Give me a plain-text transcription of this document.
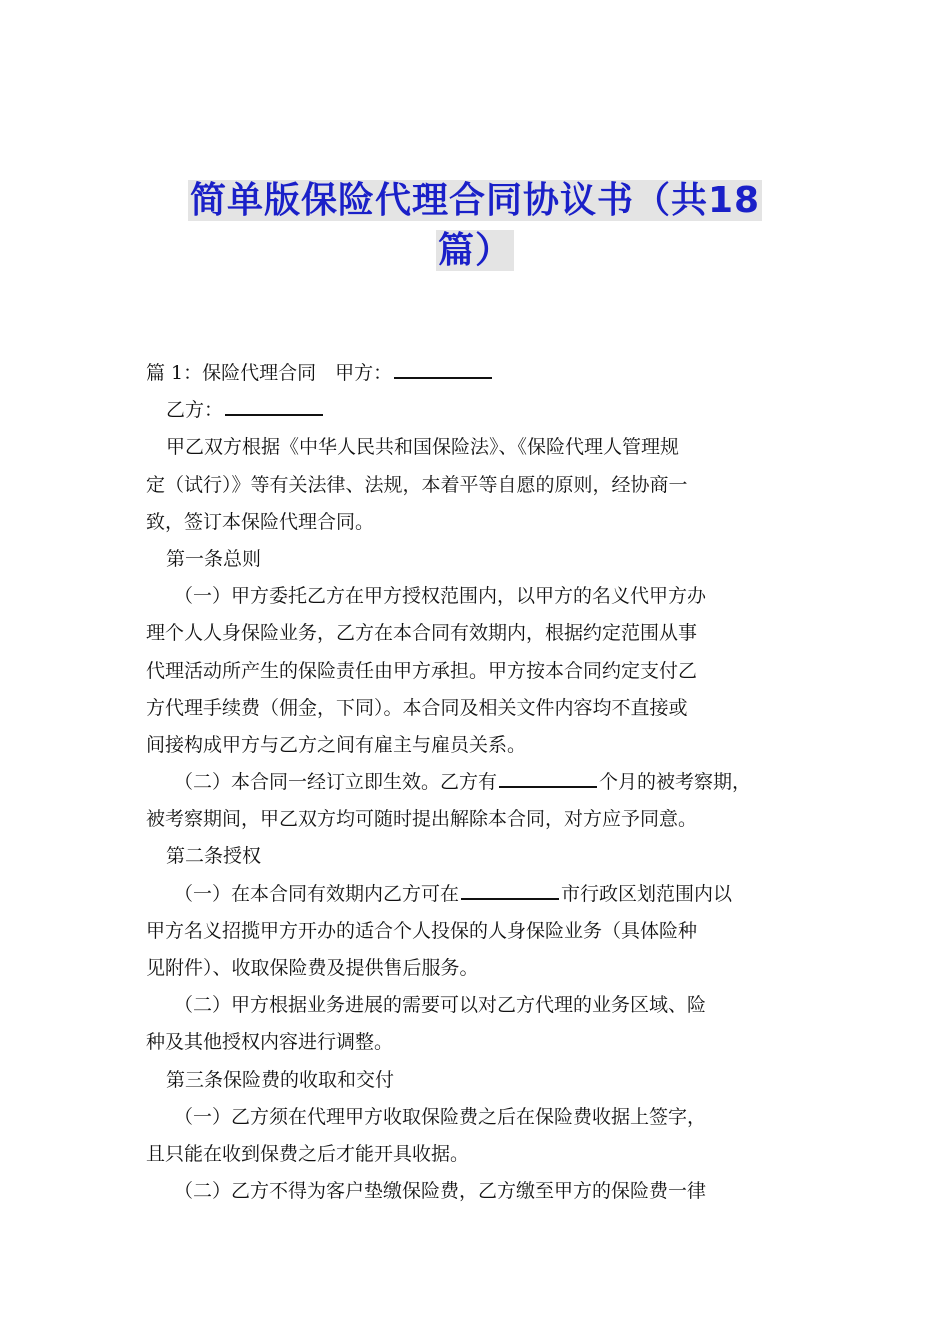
简单版保险代理合同协议书（共18
篇）
篇 1：保险代理合同　甲方：
乙方：
甲乙双方根据《中华人民共和国保险法》、《保险代理人管理规
定（试行）》等有关法律、法规，本着平等自愿的原则，经协商一
致，签订本保险代理合同。
第一条总则
（一）甲方委托乙方在甲方授权范围内，以甲方的名义代甲方办
理个人人身保险业务，乙方在本合同有效期内，根据约定范围从事
代理活动所产生的保险责任由甲方承担。甲方按本合同约定支付乙
方代理手续费（佣金，下同）。本合同及相关文件内容均不直接或
间接构成甲方与乙方之间有雇主与雇员关系。
（二）本合同一经订立即生效。乙方有	个月的被考察期，
被考察期间，甲乙双方均可随时提出解除本合同，对方应予同意。
第二条授权
（一）在本合同有效期内乙方可在	市行政区划范围内以
甲方名义招揽甲方开办的适合个人投保的人身保险业务（具体险种
见附件）、收取保险费及提供售后服务。
（二）甲方根据业务进展的需要可以对乙方代理的业务区域、险
种及其他授权内容进行调整。
第三条保险费的收取和交付
（一）乙方须在代理甲方收取保险费之后在保险费收据上签字，
且只能在收到保费之后才能开具收据。
（二）乙方不得为客户垫缴保险费，乙方缴至甲方的保险费一律
